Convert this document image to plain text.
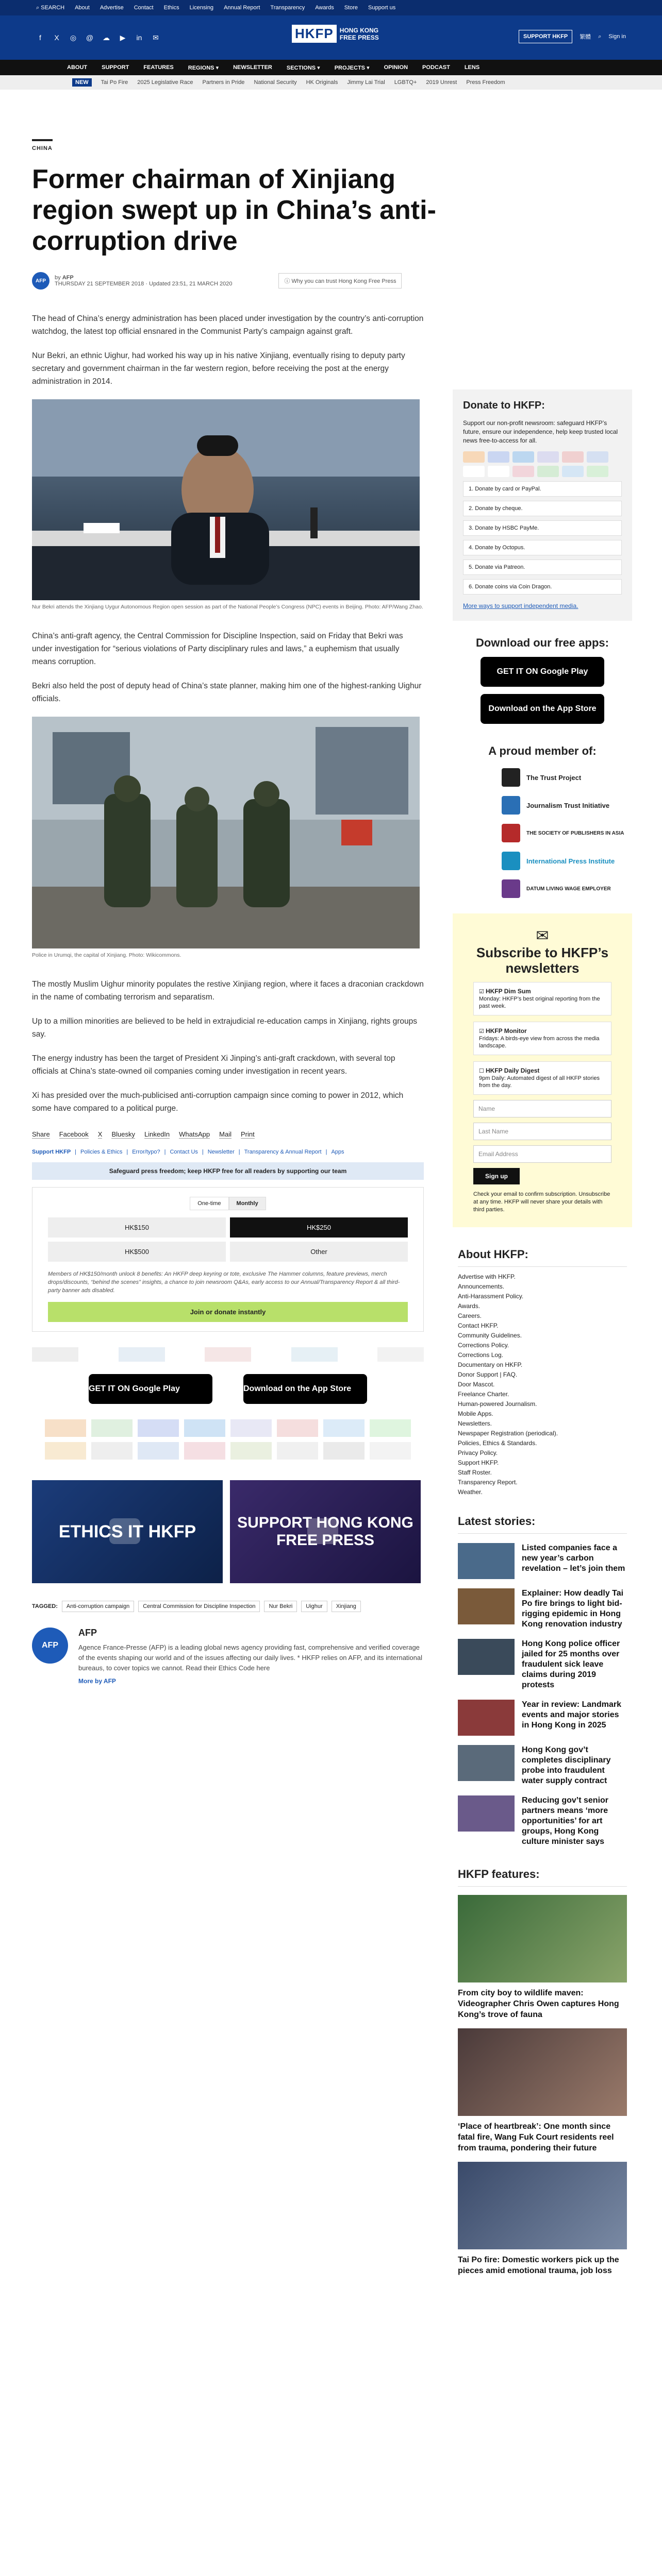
⌕ SEARCH About Advertise Contact Ethics Licensing Annual Report Transparency Awards Store Support us
f	X ◎ @ ☁ ▶ in ✉	HKFP	HONG KONG
FREE PRESS	SUPPORT HKFP	繁體 ⌕ Sign in
ABOUT	SUPPORT	FEATURES	REGIONS ▾	NEWSLETTER	SECTIONS ▾	PROJECTS ▾	OPINION	PODCAST	LENS
NEW	Tai Po Fire 2025 Legislative Race Partners in Pride National Security HK Originals Jimmy Lai Trial LGBTQ+ 2019 Unrest Press Freedom
CHINA
Former chairman of Xinjiang region swept up in China’s anti-corruption drive
AFP	by AFP
THURSDAY 21 SEPTEMBER 2018 · Updated 23:51, 21 MARCH 2020	ⓘ Why you can trust Hong Kong Free Press

The head of China’s energy administration has been placed under investigation by the country’s anti-corruption watchdog, the latest top official ensnared in the Communist Party’s campaign against graft.

Nur Bekri, an ethnic Uighur, had worked his way up in his native Xinjiang, eventually rising to deputy party secretary and government chairman in the far western region, before receiving the post at the energy administration in 2014.

Nur Bekri attends the Xinjiang Uygur Autonomous Region open session as part of the National People’s Congress (NPC) events in Beijing. Photo: AFP/Wang Zhao.

China’s anti-graft agency, the Central Commission for Discipline Inspection, said on Friday that Bekri was under investigation for “serious violations of Party disciplinary rules and laws,” a euphemism that usually means corruption.

Bekri also held the post of deputy head of China’s state planner, making him one of the highest-ranking Uighur officials.

Police in Urumqi, the capital of Xinjiang. Photo: Wikicommons.

The mostly Muslim Uighur minority populates the restive Xinjiang region, where it faces a draconian crackdown in the name of combating terrorism and separatism.

Up to a million minorities are believed to be held in extrajudicial re-education camps in Xinjiang, rights groups say.

The energy industry has been the target of President Xi Jinping’s anti-graft crackdown, with several top officials at China’s state-owned oil companies coming under investigation in recent years.

Xi has presided over the much-publicised anti-corruption campaign since coming to power in 2012, which some have compared to a political purge.

Share Facebook X Bluesky LinkedIn WhatsApp Mail Print
Support HKFP | Policies & Ethics | Error/typo? | Contact Us | Newsletter | Transparency & Annual Report | Apps
Safeguard press freedom; keep HKFP free for all readers by supporting our team
One-time	Monthly
HK$150	HK$250
HK$500	Other

Members of HK$150/month unlock 8 benefits: An HKFP deep keyring or tote, exclusive The Hammer columns, feature previews, merch drops/discounts, “behind the scenes” insights, a chance to join newsroom Q&As, early access to our Annual/Transparency Report & all third-party banner ads disabled.

Join or donate instantly
GET IT ON Google Play	Download on the App Store
ETHICS IT HKFP	SUPPORT HONG KONG FREE PRESS
TAGGED:	Anti-corruption campaign	Central Commission for Discipline Inspection	Nur Bekri	Uighur	Xinjiang
AFP
AFP

Agence France-Presse (AFP) is a leading global news agency providing fast, comprehensive and verified coverage of the events shaping our world and of the issues affecting our daily lives. * HKFP relies on AFP, and its international bureaus, to cover topics we cannot. Read their Ethics Code here

More by AFP
Donate to HKFP:

Support our non-profit newsroom: safeguard HKFP’s future, ensure our independence, help keep trusted local news free-to-access for all.

1. Donate by card or PayPal.
2. Donate by cheque.
3. Donate by HSBC PayMe.
4. Donate by Octopus.
5. Donate via Patreon.
6. Donate coins via Coin Dragon.

More ways to support independent media.

Download our free apps:
GET IT ON Google Play
Download on the App Store
A proud member of:
The Trust Project
Journalism Trust Initiative
THE SOCIETY OF PUBLISHERS IN ASIA
International Press Institute
DATUM LIVING WAGE EMPLOYER
✉
Subscribe to HKFP’s newsletters
☑ HKFP Dim Sum
Monday: HKFP’s best original reporting from the past week.
☑ HKFP Monitor
Fridays: A birds-eye view from across the media landscape.
☐ HKFP Daily Digest
9pm Daily: Automated digest of all HKFP stories from the day.
Name
Last Name
Email Address
Sign up

Check your email to confirm subscription. Unsubscribe at any time. HKFP will never share your details with third parties.

About HKFP:
Advertise with HKFP.
Announcements.
Anti-Harassment Policy.
Awards.
Careers.
Contact HKFP.
Community Guidelines.
Corrections Policy.
Corrections Log.
Documentary on HKFP.
Donor Support | FAQ.
Door Mascot.
Freelance Charter.
Human-powered Journalism.
Mobile Apps.
Newsletters.
Newspaper Registration (periodical).
Policies, Ethics & Standards.
Privacy Policy.
Support HKFP.
Staff Roster.
Transparency Report.
Weather.
Latest stories:
Listed companies face a new year’s carbon revelation – let’s join them
Explainer: How deadly Tai Po fire brings to light bid-rigging epidemic in Hong Kong renovation industry
Hong Kong police officer jailed for 25 months over fraudulent sick leave claims during 2019 protests
Year in review: Landmark events and major stories in Hong Kong in 2025
Hong Kong gov’t completes disciplinary probe into fraudulent water supply contract
Reducing gov’t senior partners means ‘more opportunities’ for art groups, Hong Kong culture minister says
HKFP features:
From city boy to wildlife maven: Videographer Chris Owen captures Hong Kong’s trove of fauna
‘Place of heartbreak’: One month since fatal fire, Wang Fuk Court residents reel from trauma, pondering their future
Tai Po fire: Domestic workers pick up the pieces amid emotional trauma, job loss
